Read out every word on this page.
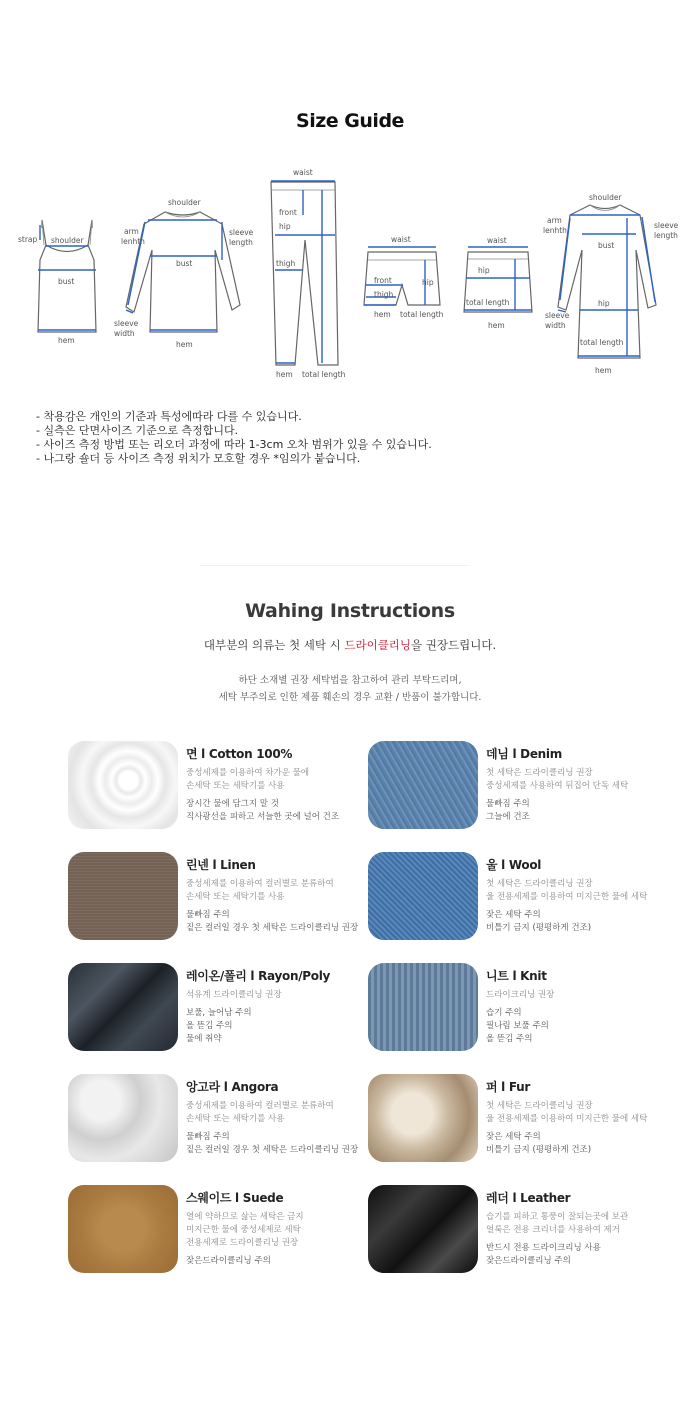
Size Guide
strap shoulder
bust
hem
shoulder
bust
hem
arm
lenhth
sleeve
length
sleeve
width
waist
front
hip
thigh
hem total length
waist
front
thigh
hip
hem total length
waist
hip
total length
hem
shoulder
bust
hip
total length
hem
arm
lenhth
sleeve
length
sleeve
width
- 착용감은 개인의 기준과 특성에따라 다를 수 있습니다.
- 실측은 단면사이즈 기준으로 측정합니다.
- 사이즈 측정 방법 또는 리오더 과정에 따라 1-3cm 오차 범위가 있을 수 있습니다.
- 나그랑 숄더 등 사이즈 측정 위치가 모호할 경우 *임의가 붙습니다.
Wahing Instructions
대부분의 의류는 첫 세탁 시 드라이클리닝을 권장드립니다.
하단 소재별 권장 세탁법을 참고하여 관리 부탁드리며,
세탁 부주의로 인한 제품 훼손의 경우 교환 / 반품이 불가합니다.
면 l Cotton 100%
중성세제를 이용하여 차가운 물에
손세탁 또는 세탁기를 사용
장시간 물에 담그지 말 것
직사광선을 피하고 서늘한 곳에 널어 건조
데님 l Denim
첫 세탁은 드라이클리닝 권장
중성세제를 사용하여 뒤집어 단독 세탁
물빠짐 주의
그늘에 건조
린넨 l Linen
중성세제를 이용하여 컬러별로 분류하여
손세탁 또는 세탁기를 사용
물빠짐 주의
짙은 컬러일 경우 첫 세탁은 드라이클리닝 권장
울 l Wool
첫 세탁은 드라이클리닝 권장
울 전용세제를 이용하여 미지근한 물에 세탁
잦은 세탁 주의
비틀기 금지 (평평하게 건조)
레이온/폴리 l Rayon/Poly
석유계 드라이클리닝 권장
보풀, 늘어남 주의
올 뜯김 주의
물에 취약
니트 l Knit
드라이크리닝 권장
습기 주의
필나림 보풀 주의
올 뜯김 주의
앙고라 l Angora
중성세제를 이용하여 컬러별로 분류하여
손세탁 또는 세탁기를 사용
물빠짐 주의
짙은 컬러일 경우 첫 세탁은 드라이클리닝 권장
퍼 l Fur
첫 세탁은 드라이클리닝 권장
울 전용세제를 이용하여 미지근한 물에 세탁
잦은 세탁 주의
비틀기 금지 (평평하게 건조)
스웨이드 l Suede
열에 약하므로 삶는 세탁은 금지
미지근한 물에 중성세제로 세탁
전용세제로 드라이클리닝 권장
잦은드라이클리닝 주의
레더 l Leather
습기를 피하고 통풍이 잘되는곳에 보관
얼룩은 전용 크리너를 사용하여 제거
반드시 전용 드라이크리닝 사용
잦은드라이클리닝 주의
